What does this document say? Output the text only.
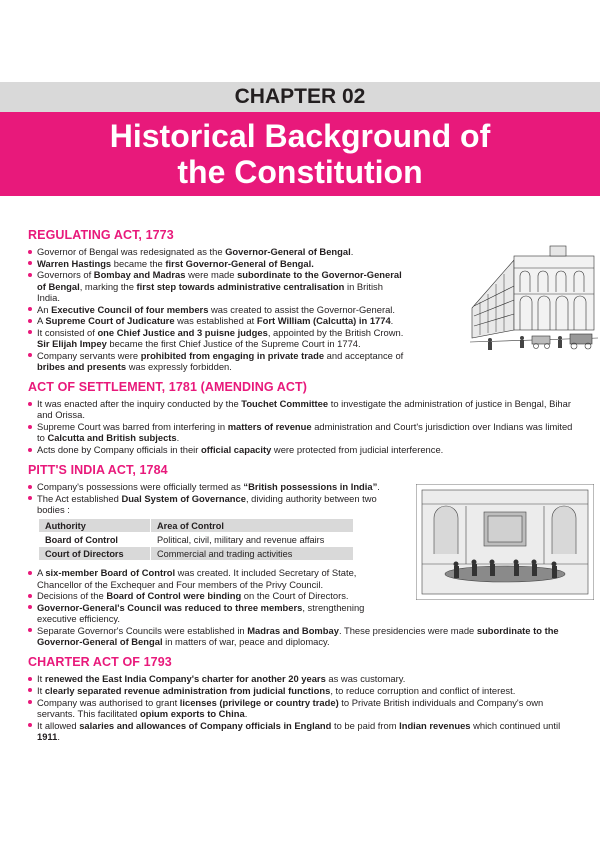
CHAPTER 02
Historical Background of
the Constitution
REGULATING ACT, 1773
Governor of Bengal was redesignated as the Governor-General of Bengal.
Warren Hastings became the first Governor-General of Bengal.
Governors of Bombay and Madras were made subordinate to the Governor-General of Bengal, marking the first step towards administrative centralisation in British India.
An Executive Council of four members was created to assist the Governor-General.
A Supreme Court of Judicature was established at Fort William (Calcutta) in 1774.
It consisted of one Chief Justice and 3 puisne judges, appointed by the British Crown. Sir Elijah Impey became the first Chief Justice of the Supreme Court in 1774.
Company servants were prohibited from engaging in private trade and acceptance of bribes and presents was expressly forbidden.
ACT OF SETTLEMENT, 1781 (AMENDING ACT)
It was enacted after the inquiry conducted by the Touchet Committee to investigate the administration of justice in Bengal, Bihar and Orissa.
Supreme Court was barred from interfering in matters of revenue administration and Court's jurisdiction over Indians was limited to Calcutta and British subjects.
Acts done by Company officials in their official capacity were protected from judicial interference.
PITT'S INDIA ACT, 1784
Company's possessions were officially termed as “British possessions in India”.
The Act established Dual System of Governance, dividing authority between two bodies :
Authority	Area of Control
Board of Control	Political, civil, military and revenue affairs
Court of Directors	Commercial and trading activities
A six-member Board of Control was created. It included Secretary of State, Chancellor of the Exchequer and Four members of the Privy Council.
Decisions of the Board of Control were binding on the Court of Directors.
Governor-General's Council was reduced to three members, strengthening executive efficiency.
Separate Governor's Councils were established in Madras and Bombay. These presidencies were made subordinate to the Governor-General of Bengal in matters of war, peace and diplomacy.
CHARTER ACT OF 1793
It renewed the East India Company's charter for another 20 years as was customary.
It clearly separated revenue administration from judicial functions, to reduce corruption and conflict of interest.
Company was authorised to grant licenses (privilege or country trade) to Private British individuals and Company's own servants. This facilitated opium exports to China.
It allowed salaries and allowances of Company officials in England to be paid from Indian revenues which continued until 1911.
